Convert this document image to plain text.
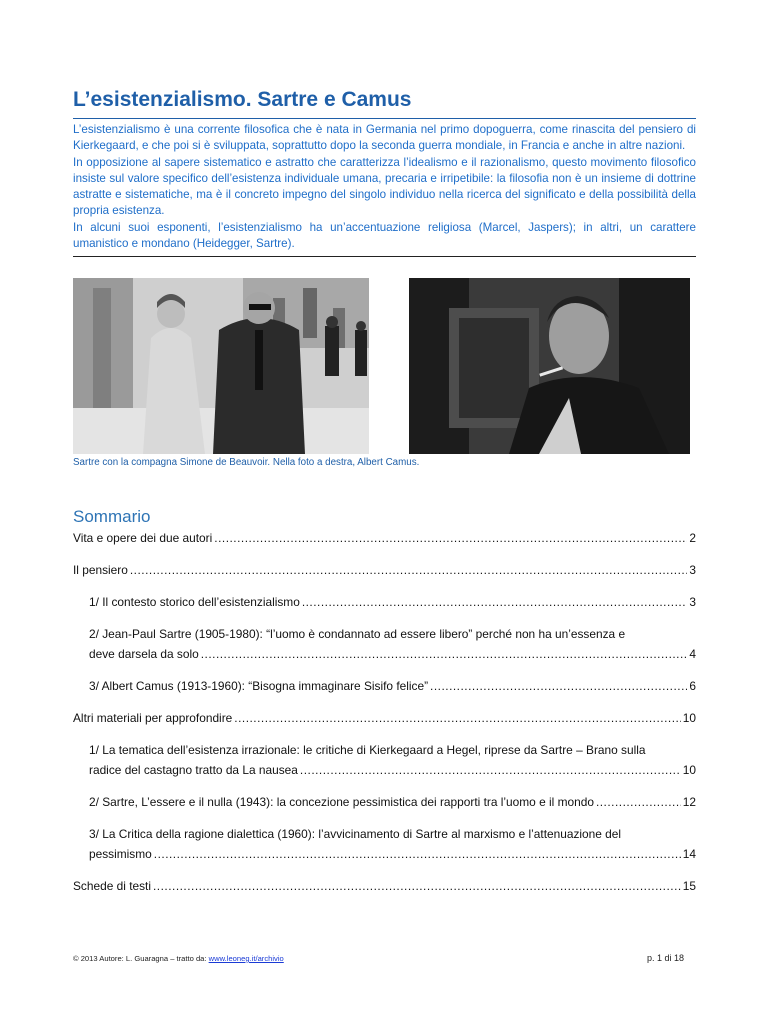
L’esistenzialismo. Sartre e Camus

L’esistenzialismo è una corrente filosofica che è nata in Germania nel primo dopoguerra, come rinascita del pensiero di Kierkegaard, e che poi si è sviluppata, soprattutto dopo la seconda guerra mondiale, in Francia e anche in altre nazioni.

In opposizione al sapere sistematico e astratto che caratterizza l’idealismo e il razionalismo, questo movimento filosofico insiste sul valore specifico dell’esistenza individuale umana, precaria e irripetibile: la filosofia non è un insieme di dottrine astratte e sistematiche, ma è il concreto impegno del singolo individuo nella ricerca del significato e della possibilità della propria esistenza.

In alcuni suoi esponenti, l’esistenzialismo ha un’accentuazione religiosa (Marcel, Jaspers); in altri, un carattere umanistico e mondano (Heidegger, Sartre).

Sartre con la compagna Simone de Beauvoir. Nella foto a destra, Albert Camus.
Sommario
Vita e opere dei due autori .....	2
Il pensiero .....	3
1/ Il contesto storico dell’esistenzialismo .....	3
2/ Jean-Paul Sartre (1905-1980): “l’uomo è condannato ad essere libero” perché non ha un’essenza e
deve darsela da solo .....	4
3/ Albert Camus (1913-1960): “Bisogna immaginare Sisifo felice” .....	6
Altri materiali per approfondire .....	10
1/ La tematica dell’esistenza irrazionale: le critiche di Kierkegaard a Hegel, riprese da Sartre – Brano sulla
radice del castagno tratto da La nausea .....	10
2/ Sartre, L’essere e il nulla (1943): la concezione pessimistica dei rapporti tra l’uomo e il mondo .....	12
3/ La Critica della ragione dialettica (1960): l’avvicinamento di Sartre al marxismo e l’attenuazione del
pessimismo .....	14
Schede di testi .....	15
© 2013 Autore: L. Guaragna – tratto da: www.leoneg.it/archivio	p. 1 di 18
